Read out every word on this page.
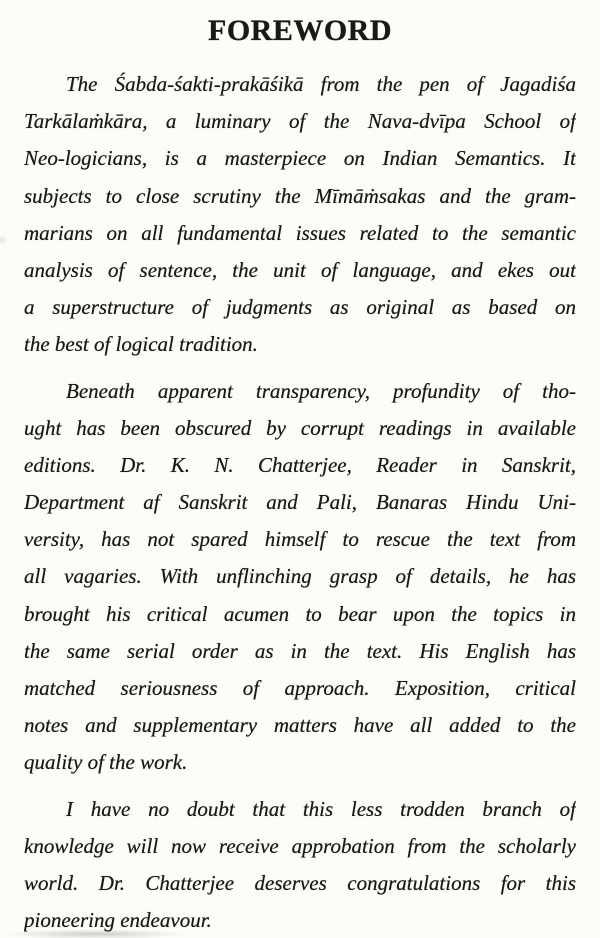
FOREWORD
The Śabda-śakti-prakāśikā from the pen of Jagadiśa
Tarkālaṁkāra, a luminary of the Nava-dvīpa School of
Neo-logicians, is a masterpiece on Indian Semantics. It
subjects to close scrutiny the Mīmāṁsakas and the gram-
marians on all fundamental issues related to the semantic
analysis of sentence, the unit of language, and ekes out
a superstructure of judgments as original as based on
the best of logical tradition.
Beneath apparent transparency, profundity of tho-
ught has been obscured by corrupt readings in available
editions. Dr. K. N. Chatterjee, Reader in Sanskrit,
Department af Sanskrit and Pali, Banaras Hindu Uni-
versity, has not spared himself to rescue the text from
all vagaries. With unflinching grasp of details, he has
brought his critical acumen to bear upon the topics in
the same serial order as in the text. His English has
matched seriousness of approach. Exposition, critical
notes and supplementary matters have all added to the
quality of the work.
I have no doubt that this less trodden branch of
knowledge will now receive approbation from the scholarly
world. Dr. Chatterjee deserves congratulations for this
pioneering endeavour.
